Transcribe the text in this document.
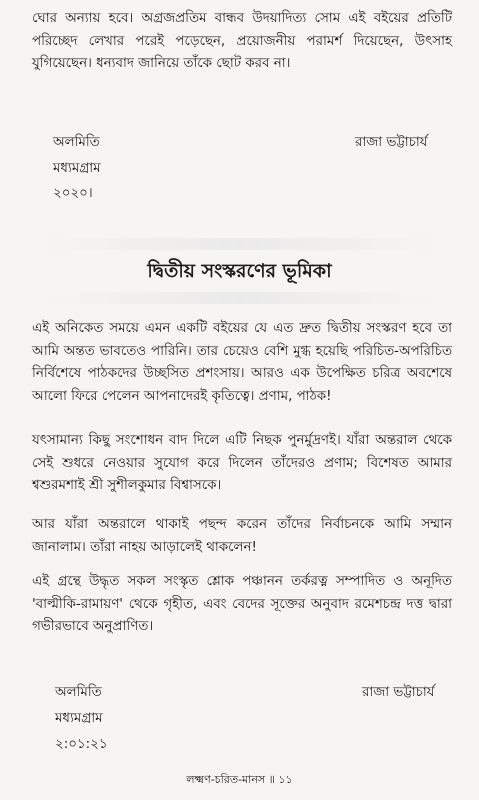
ঘোর অন্যায় হবে। অগ্রজপ্রতিম বান্ধব উদয়াদিত্য সোম এই বইয়ের প্রতিটি পরিচ্ছেদ লেখার পরেই পড়েছেন, প্রয়োজনীয় পরামর্শ দিয়েছেন, উৎসাহ যুগিয়েছেন। ধন্যবাদ জানিয়ে তাঁকে ছোট করব না।
অলমিতি	রাজা ভট্টাচার্য
মধ্যমগ্রাম
২০২০।
দ্বিতীয় সংস্করণের ভূমিকা
এই অনিকেত সময়ে এমন একটি বইয়ের যে এত দ্রুত দ্বিতীয় সংস্করণ হবে তা আমি অন্তত ভাবতেও পারিনি। তার চেয়েও বেশি মুগ্ধ হয়েছি পরিচিত-অপরিচিত নির্বিশেষে পাঠকদের উচ্ছসিত প্রশংসায়। আরও এক উপেক্ষিত চরিত্র অবশেষে আলো ফিরে পেলেন আপনাদেরই কৃতিত্বে। প্রণাম, পাঠক!
যৎসামান্য কিছু সংশোধন বাদ দিলে এটি নিছক পুনর্মুদ্রণই। যাঁরা অন্তরাল থেকে সেই শুধরে নেওয়ার সুযোগ করে দিলেন তাঁদেরও প্রণাম; বিশেষত আমার শ্বশুরমশাই শ্রী সুশীলকুমার বিশ্বাসকে।
আর যাঁরা অন্তরালে থাকাই পছন্দ করেন তাঁদের নির্বাচনকে আমি সম্মান জানালাম। তাঁরা নাহয় আড়ালেই থাকলেন!
এই গ্রন্থে উদ্ধৃত সকল সংস্কৃত শ্লোক পঞ্চানন তর্করত্ন সম্পাদিত ও অনূদিত 'বাল্মীকি-রামায়ণ' থেকে গৃহীত, এবং বেদের সূক্তের অনুবাদ রমেশচন্দ্র দত্ত দ্বারা গভীরভাবে অনুপ্রাণিত।
অলমিতি	রাজা ভট্টাচার্য
মধ্যমগ্রাম
২:০১:২১
লক্ষ্মণ-চরিত-মানস ॥ ১১
